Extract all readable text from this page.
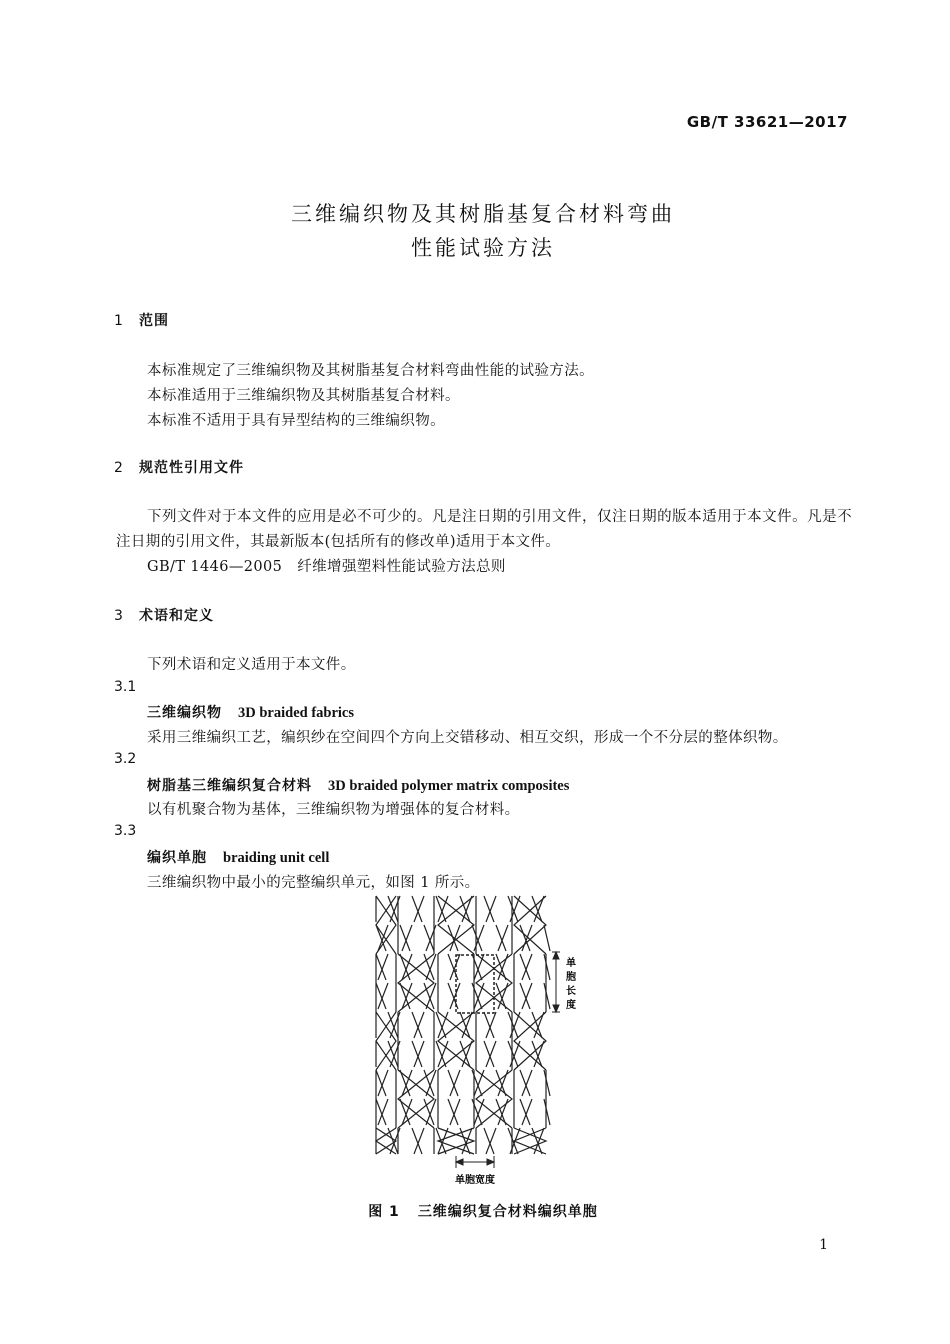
GB/T 33621—2017
三维编织物及其树脂基复合材料弯曲
性能试验方法
1 范围
本标准规定了三维编织物及其树脂基复合材料弯曲性能的试验方法。
本标准适用于三维编织物及其树脂基复合材料。
本标准不适用于具有异型结构的三维编织物。
2 规范性引用文件
下列文件对于本文件的应用是必不可少的。凡是注日期的引用文件，仅注日期的版本适用于本文件。凡是不注日期的引用文件，其最新版本(包括所有的修改单)适用于本文件。
GB/T 1446—2005　纤维增强塑料性能试验方法总则
3 术语和定义
下列术语和定义适用于本文件。
3.1
三维编织物 3D braided fabrics
采用三维编织工艺，编织纱在空间四个方向上交错移动、相互交织，形成一个不分层的整体织物。
3.2
树脂基三维编织复合材料 3D braided polymer matrix composites
以有机聚合物为基体，三维编织物为增强体的复合材料。
3.3
编织单胞 braiding unit cell
三维编织物中最小的完整编织单元，如图 1 所示。
单
胞
长
度
单胞宽度
图 1 三维编织复合材料编织单胞
1
